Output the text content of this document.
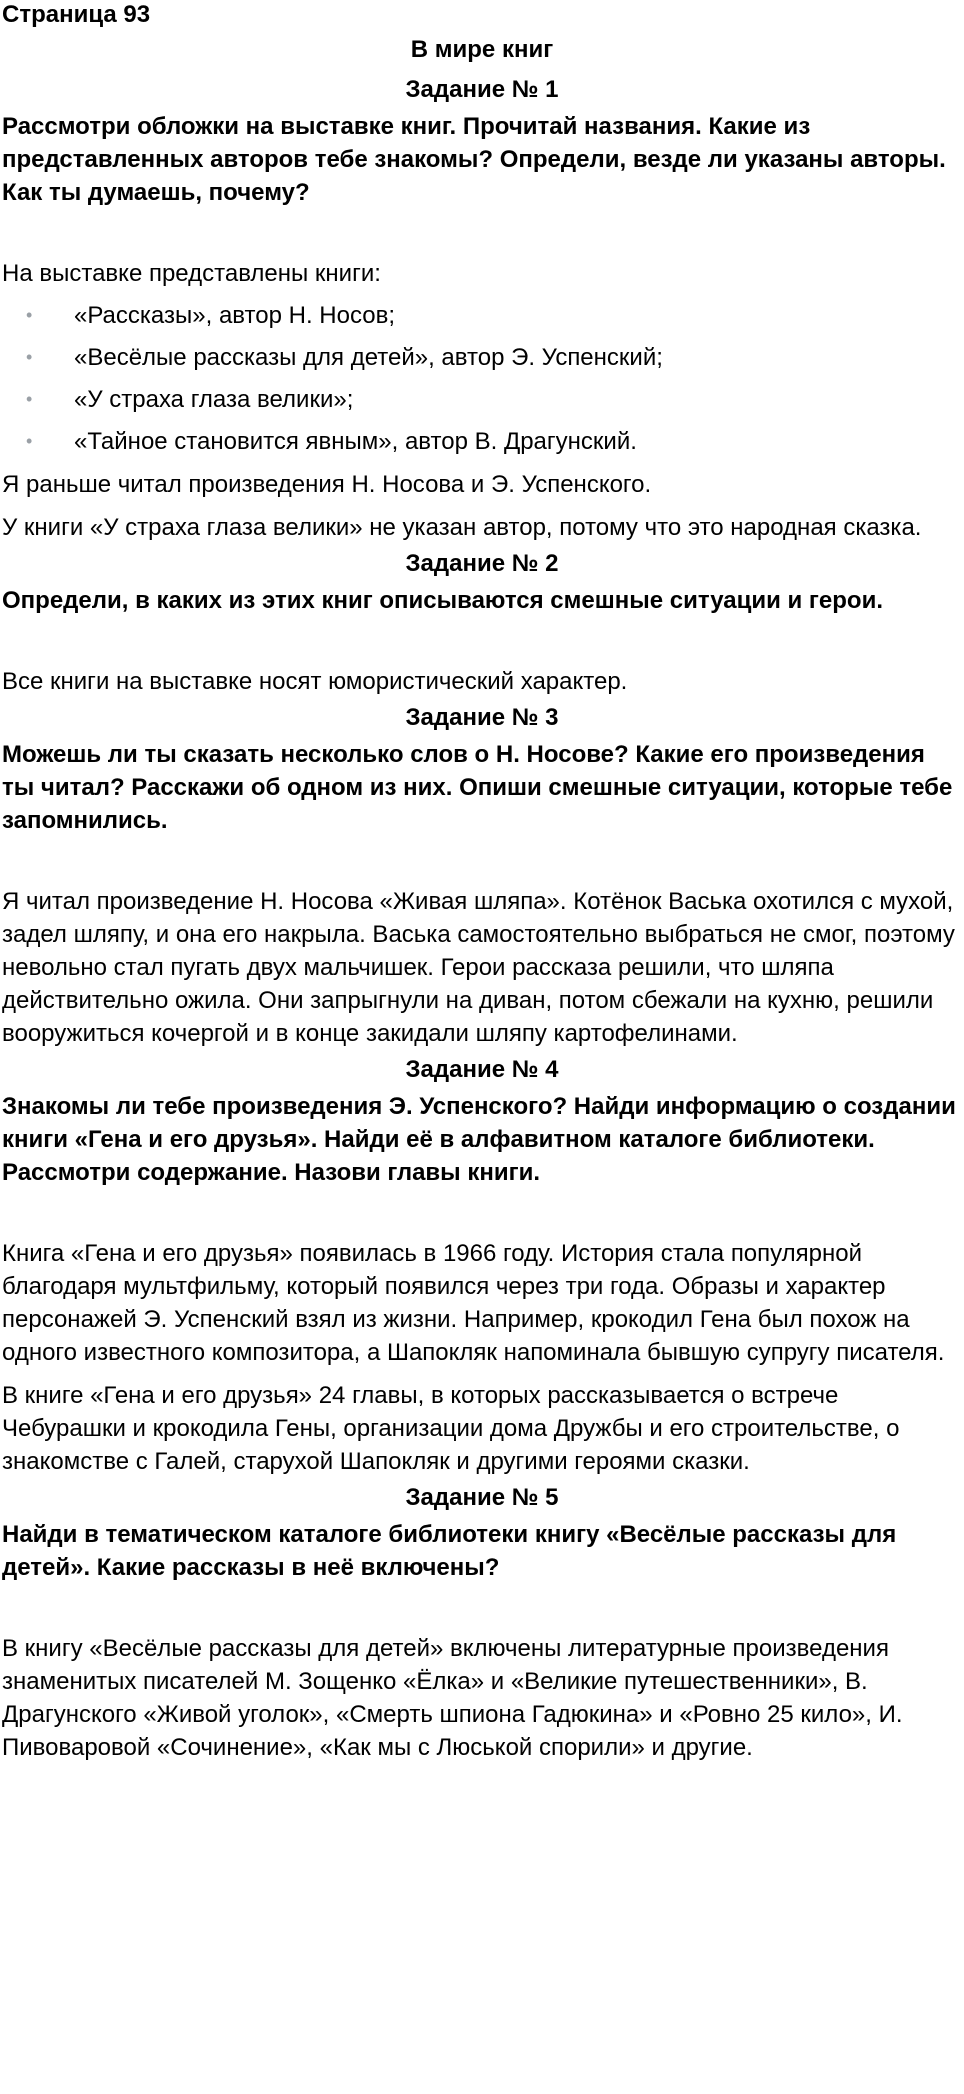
Страница 93

В мире книг

Задание № 1

Рассмотри обложки на выставке книг. Прочитай названия. Какие из представленных авторов тебе знакомы? Определи, везде ли указаны авторы. Как ты думаешь, почему?

На выставке представлены книги:

• «Рассказы», автор Н. Носов;
• «Весёлые рассказы для детей», автор Э. Успенский;
• «У страха глаза велики»;
• «Тайное становится явным», автор В. Драгунский.

Я раньше читал произведения Н. Носова и Э. Успенского.

У книги «У страха глаза велики» не указан автор, потому что это народная сказка.

Задание № 2

Определи, в каких из этих книг описываются смешные ситуации и герои.

Все книги на выставке носят юмористический характер.

Задание № 3

Можешь ли ты сказать несколько слов о Н. Носове? Какие его произведения ты читал? Расскажи об одном из них. Опиши смешные ситуации, которые тебе запомнились.

Я читал произведение Н. Носова «Живая шляпа». Котёнок Васька охотился с мухой, задел шляпу, и она его накрыла. Васька самостоятельно выбраться не смог, поэтому невольно стал пугать двух мальчишек. Герои рассказа решили, что шляпа действительно ожила. Они запрыгнули на диван, потом сбежали на кухню, решили вооружиться кочергой и в конце закидали шляпу картофелинами.

Задание № 4

Знакомы ли тебе произведения Э. Успенского? Найди информацию о создании книги «Гена и его друзья». Найди её в алфавитном каталоге библиотеки. Рассмотри содержание. Назови главы книги.

Книга «Гена и его друзья» появилась в 1966 году. История стала популярной благодаря мультфильму, который появился через три года. Образы и характер персонажей Э. Успенский взял из жизни. Например, крокодил Гена был похож на одного известного композитора, а Шапокляк напоминала бывшую супругу писателя.

В книге «Гена и его друзья» 24 главы, в которых рассказывается о встрече Чебурашки и крокодила Гены, организации дома Дружбы и его строительстве, о знакомстве с Галей, старухой Шапокляк и другими героями сказки.

Задание № 5

Найди в тематическом каталоге библиотеки книгу «Весёлые рассказы для детей». Какие рассказы в неё включены?

В книгу «Весёлые рассказы для детей» включены литературные произведения знаменитых писателей М. Зощенко «Ёлка» и «Великие путешественники», В. Драгунского «Живой уголок», «Смерть шпиона Гадюкина» и «Ровно 25 кило», И. Пивоваровой «Сочинение», «Как мы с Люськой спорили» и другие.
